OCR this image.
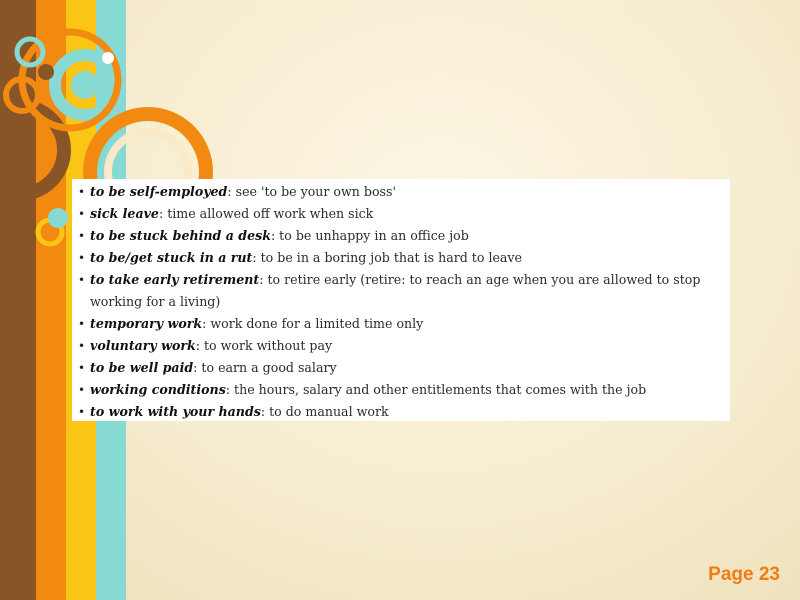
• to be self-employed: see 'to be your own boss'
• sick leave: time allowed off work when sick
• to be stuck behind a desk: to be unhappy in an office job
• to be/get stuck in a rut: to be in a boring job that is hard to leave
• to take early retirement: to retire early (retire: to reach an age when you are allowed to stop working for a living)
• temporary work: work done for a limited time only
• voluntary work: to work without pay
• to be well paid: to earn a good salary
• working conditions: the hours, salary and other entitlements that comes with the job
• to work with your hands: to do manual work
Page 23
